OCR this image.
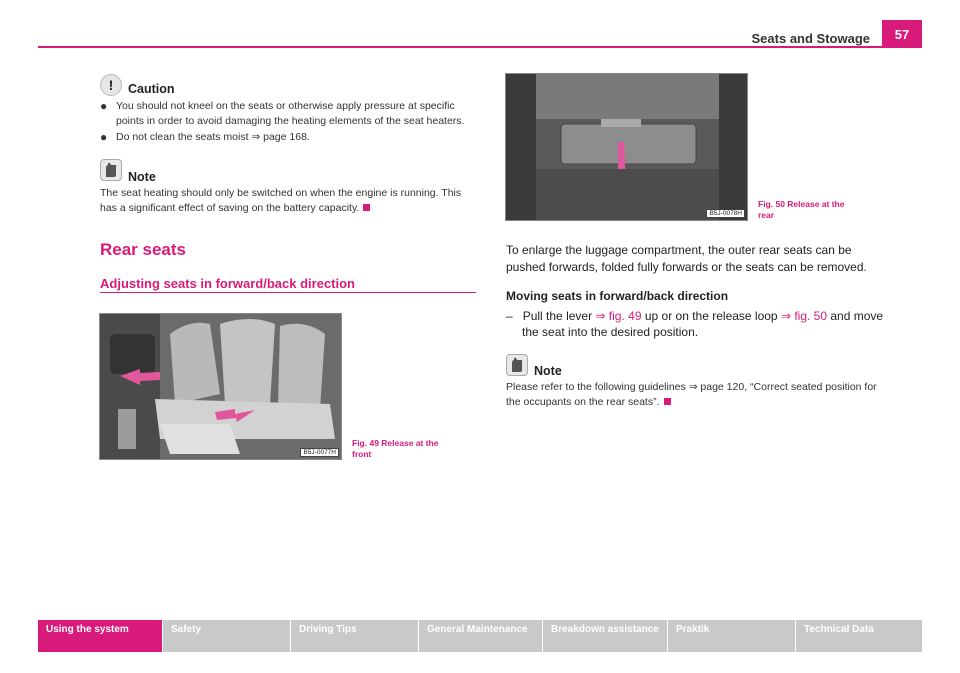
Seats and Stowage	57
!	Caution
● You should not kneel on the seats or otherwise apply pressure at specific points in order to avoid damaging the heating elements of the seat heaters.
● Do not clean the seats moist ⇒ page 168.
Note
The seat heating should only be switched on when the engine is running. This has a significant effect of saving on the battery capacity.
Rear seats
Adjusting seats in forward/back direction
B5J-0077H
Fig. 49 Release at the
front
B5J-0078H
Fig. 50 Release at the
rear
To enlarge the luggage compartment, the outer rear seats can be pushed forwards, folded fully forwards or the seats can be removed.
Moving seats in forward/back direction
– Pull the lever ⇒ fig. 49 up or on the release loop ⇒ fig. 50 and move
the seat into the desired position.
Note
Please refer to the following guidelines ⇒ page 120, “Correct seated position for the occupants on the rear seats”.
Using the system	Safety	Driving Tips	General Maintenance	Breakdown assistance	Praktik	Technical Data
